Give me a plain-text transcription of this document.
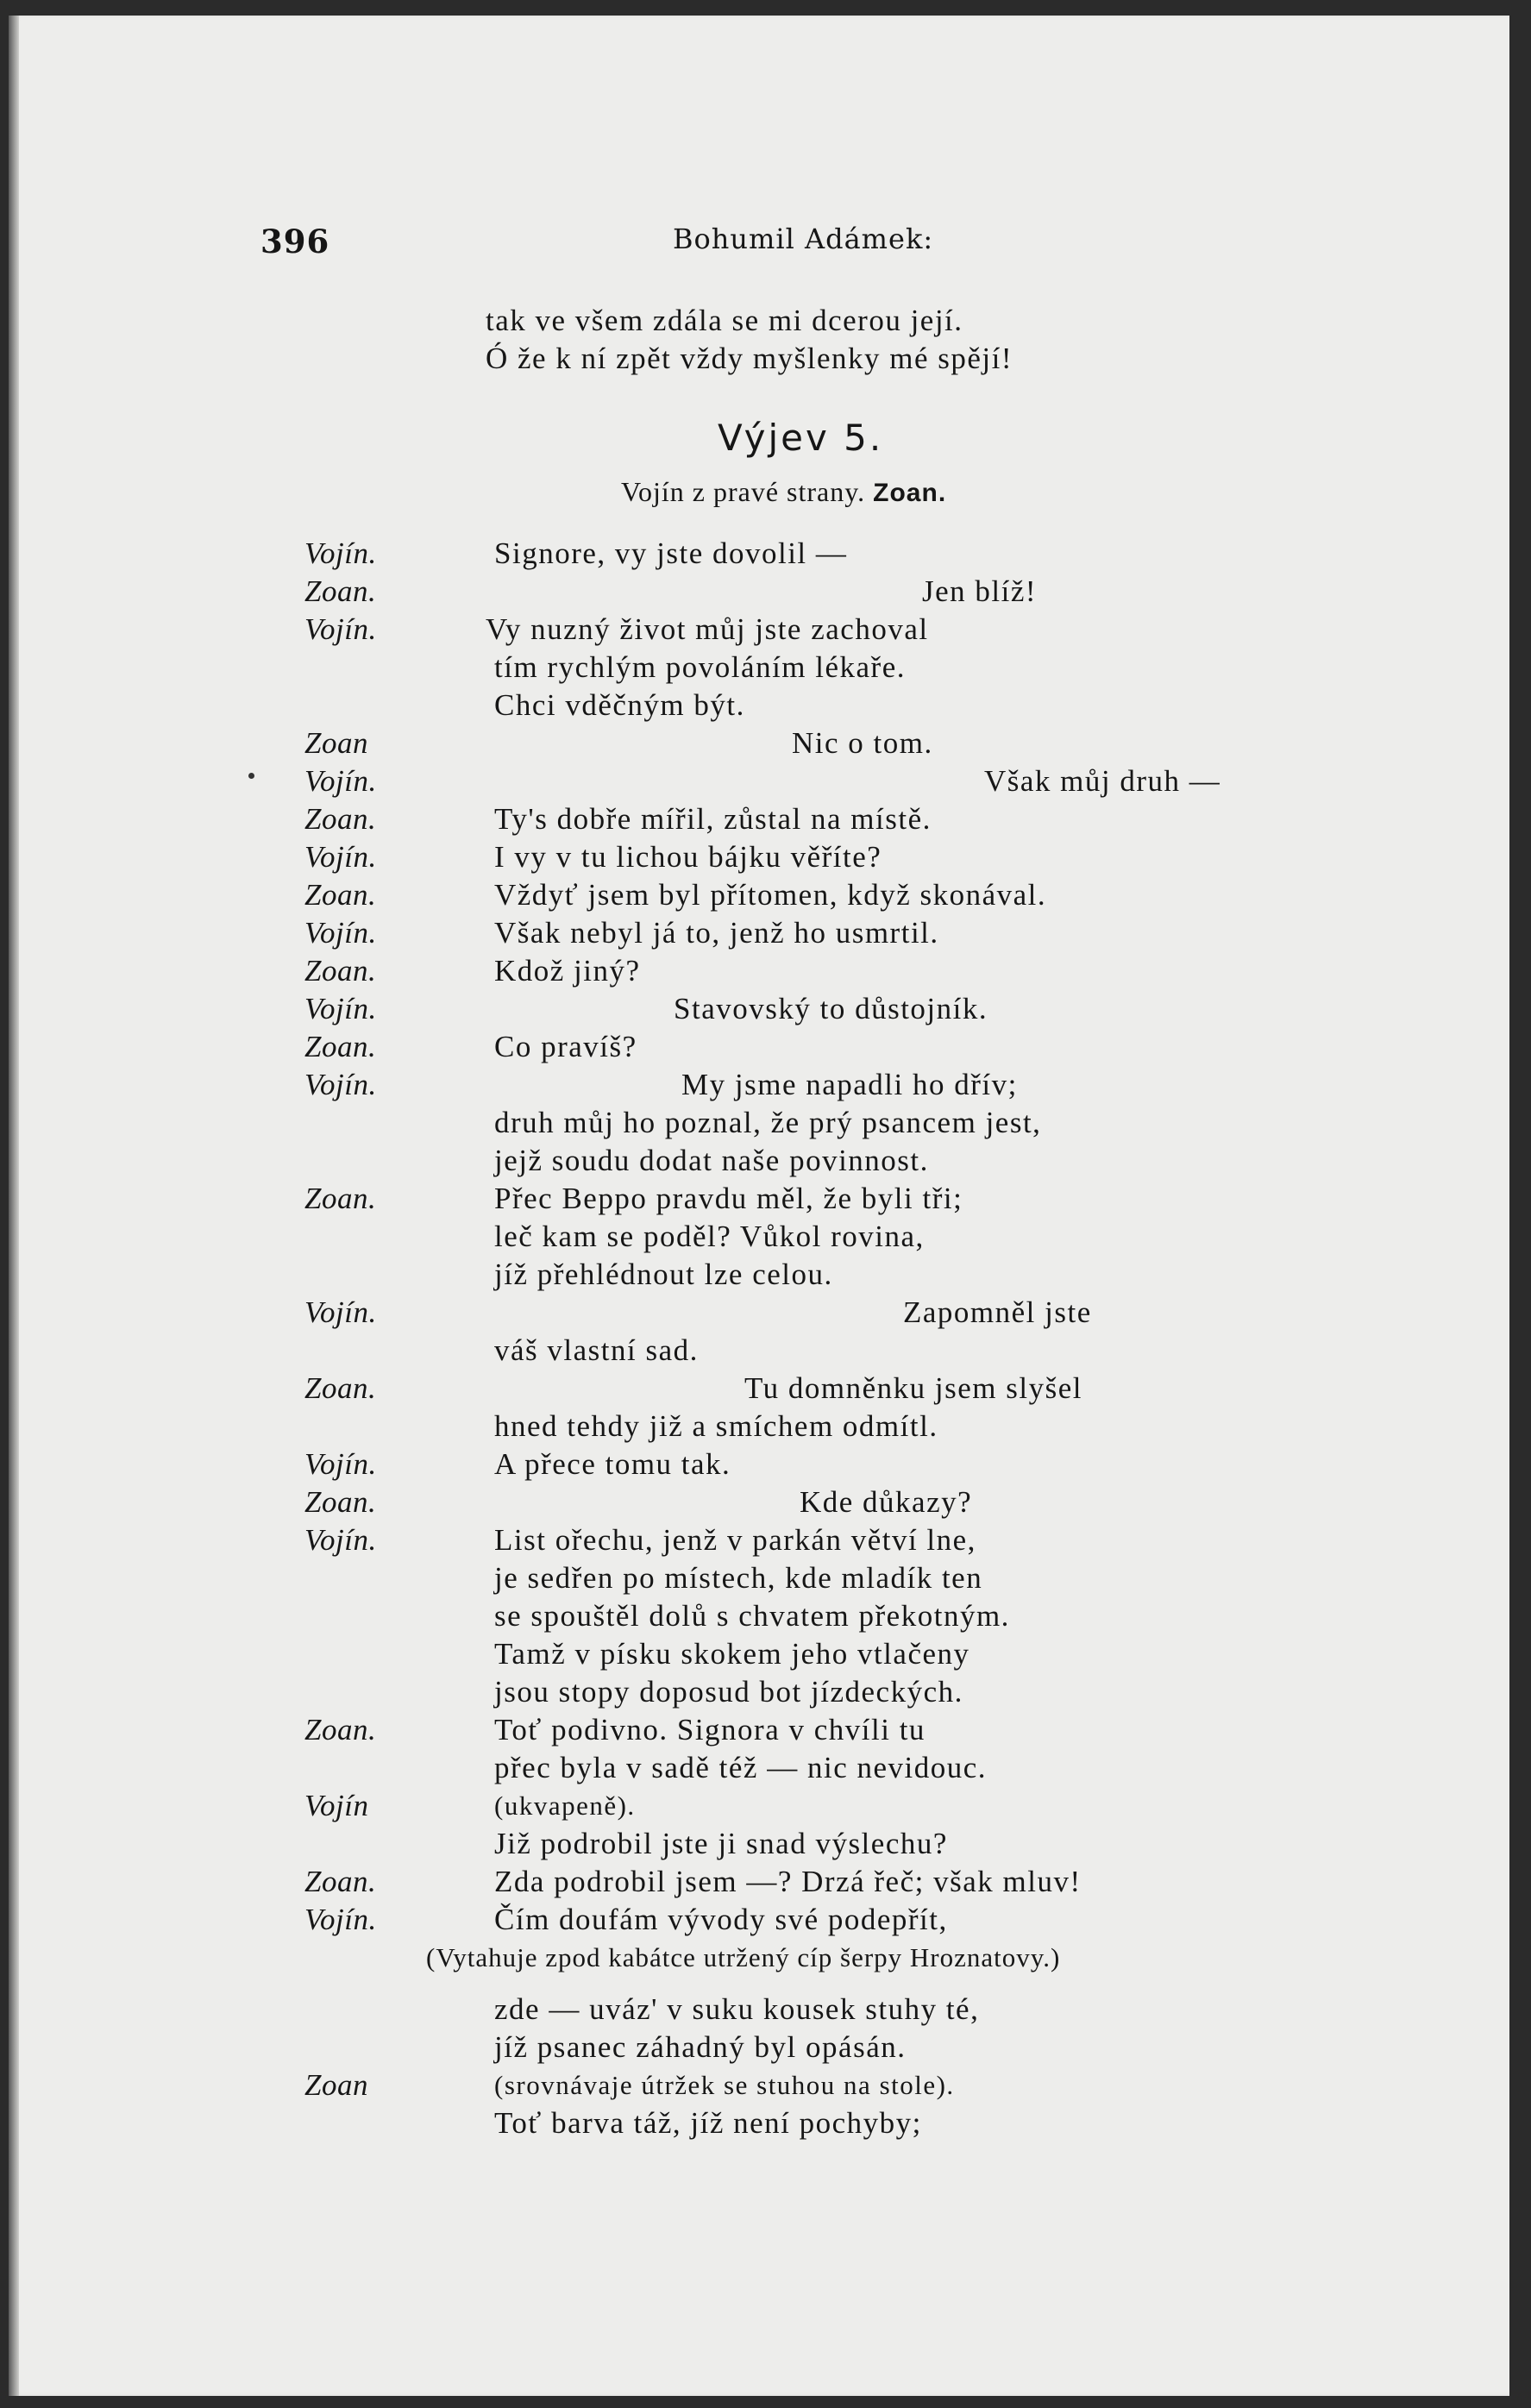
396	Bohumil Adámek:
tak ve všem zdála se mi dcerou její.
Ó že k ní zpět vždy myšlenky mé spějí!
Výjev 5.
Vojín z pravé strany. Zoan.
Vojín.	Signore, vy jste dovolil —
Zoan.	Jen blíž!
Vojín.	Vy nuzný život můj jste zachoval
tím rychlým povoláním lékaře.
Chci vděčným být.
Zoan	Nic o tom.
Vojín.	Však můj druh —
Zoan.	Ty's dobře mířil, zůstal na místě.
Vojín.	I vy v tu lichou bájku věříte?
Zoan.	Vždyť jsem byl přítomen, když skonával.
Vojín.	Však nebyl já to, jenž ho usmrtil.
Zoan.	Kdož jiný?
Vojín.	Stavovský to důstojník.
Zoan.	Co pravíš?
Vojín.	My jsme napadli ho dřív;
druh můj ho poznal, že prý psancem jest,
jejž soudu dodat naše povinnost.
Zoan.	Přec Beppo pravdu měl, že byli tři;
leč kam se poděl? Vůkol rovina,
jíž přehlédnout lze celou.
Vojín.	Zapomněl jste
váš vlastní sad.
Zoan.	Tu domněnku jsem slyšel
hned tehdy již a smíchem odmítl.
Vojín.	A přece tomu tak.
Zoan.	Kde důkazy?
Vojín.	List ořechu, jenž v parkán větví lne,
je sedřen po místech, kde mladík ten
se spouštěl dolů s chvatem překotným.
Tamž v písku skokem jeho vtlačeny
jsou stopy doposud bot jízdeckých.
Zoan.	Toť podivno. Signora v chvíli tu
přec byla v sadě též — nic nevidouc.
Vojín	(ukvapeně).
Již podrobil jste ji snad výslechu?
Zoan.	Zda podrobil jsem —? Drzá řeč; však mluv!
Vojín.	Čím doufám vývody své podepřít,
(Vytahuje zpod kabátce utržený cíp šerpy Hroznatovy.)
zde — uváz' v suku kousek stuhy té,
jíž psanec záhadný byl opásán.
Zoan	(srovnávaje útržek se stuhou na stole).
Toť barva táž, jíž není pochyby;
